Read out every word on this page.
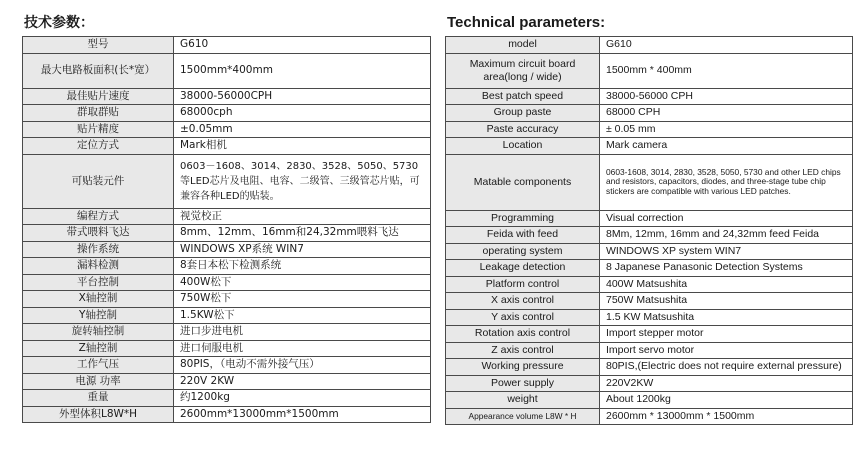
技术参数：
型号	G610
最大电路板面积(长*宽）	1500mm*400mm
最佳贴片速度	38000-56000CPH
群取群贴	68000cph
贴片精度	±0.05mm
定位方式	Mark相机
可贴装元件	0603－1608、3014、2830、3528、5050、5730等LED芯片及电阻、电容、二级管、三级管芯片贴，可兼容各种LED的贴装。
编程方式	视觉校正
带式喂料飞达	8mm、12mm、16mm和24,32mm喂料飞达
操作系统	WINDOWS XP系统 WIN7
漏料检测	8套日本松下检测系统
平台控制	400W松下
X轴控制	750W松下
Y轴控制	1.5KW松下
旋转轴控制	进口步进电机
Z轴控制	进口伺服电机
工作气压	80PIS，（电动不需外接气压）
电源 功率	220V 2KW
重量	约1200kg
外型体积L8W*H	2600mm*13000mm*1500mm
Technical parameters:
model	G610
Maximum circuit board area(long / wide)	1500mm * 400mm
Best patch speed	38000-56000 CPH
Group paste	68000 CPH
Paste accuracy	± 0.05 mm
Location	Mark camera
Matable components	0603-1608, 3014, 2830, 3528, 5050, 5730 and other LED chips and resistors, capacitors, diodes, and three-stage tube chip stickers are compatible with various LED patches.
Programming	Visual correction
Feida with feed	8Mm, 12mm, 16mm and 24,32mm feed Feida
operating system	WINDOWS XP system WIN7
Leakage detection	8 Japanese Panasonic Detection Systems
Platform control	400W Matsushita
X axis control	750W Matsushita
Y axis control	1.5 KW Matsushita
Rotation axis control	Import stepper motor
Z axis control	Import servo motor
Working pressure	80PIS,(Electric does not require external pressure)
Power supply	220V2KW
weight	About 1200kg
Appearance volume L8W * H	2600mm * 13000mm * 1500mm
